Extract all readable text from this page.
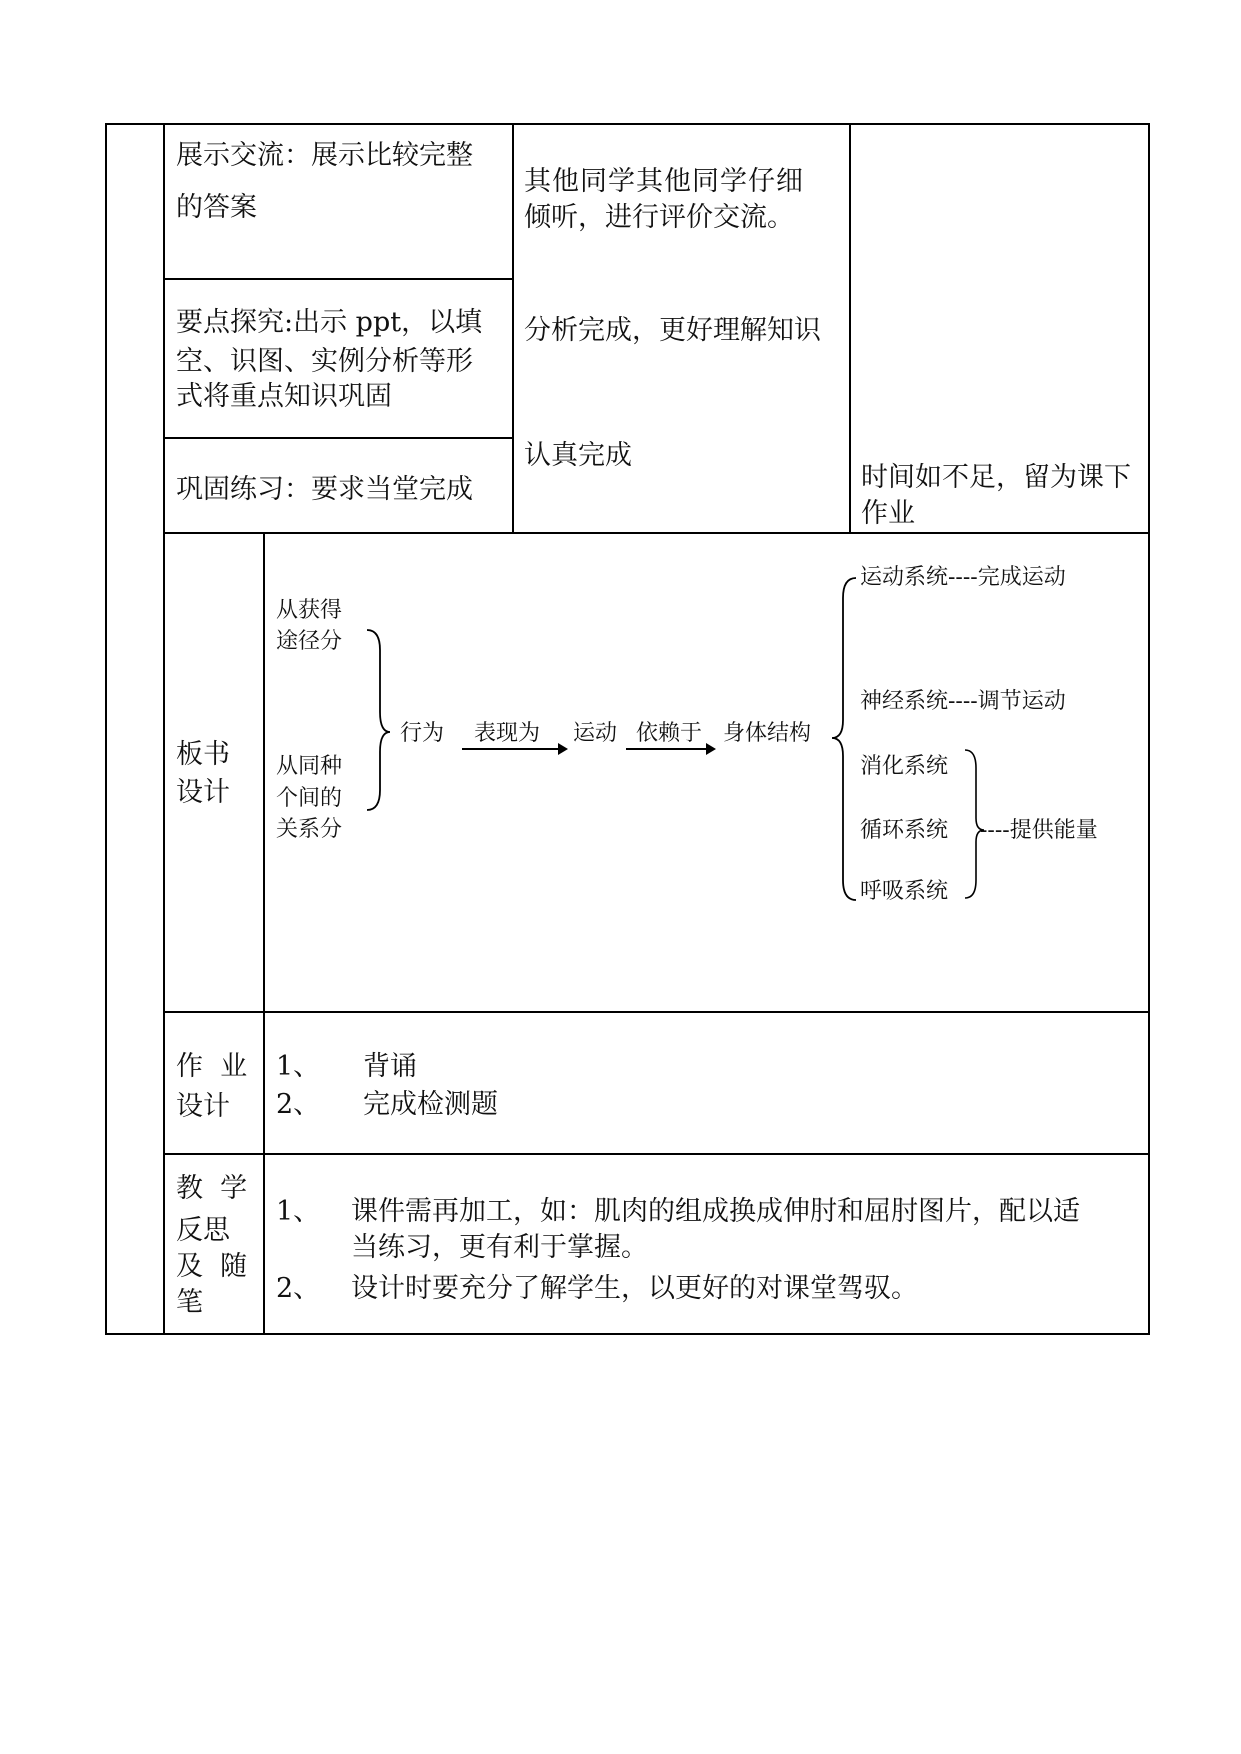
展示交流：展示比较完整
的答案
其他同学其他同学仔细
倾听，进行评价交流。
要点探究:出示 ppt，以填
空、识图、实例分析等形
式将重点知识巩固
分析完成，更好理解知识
巩固练习：要求当堂完成
认真完成
时间如不足，留为课下
作业
板书
设计
从获得
途径分
从同种
个间的
关系分
行为 表现为 运动 依赖于 身体结构
运动系统----完成运动
神经系统----调节运动
消化系统
循环系统
呼吸系统
----提供能量
作  业
设计
1、 背诵
2、 完成检测题
教  学
反思
及  随
笔
1、 课件需再加工，如：肌肉的组成换成伸肘和屈肘图片，配以适
当练习，更有利于掌握。
2、 设计时要充分了解学生，以更好的对课堂驾驭。
